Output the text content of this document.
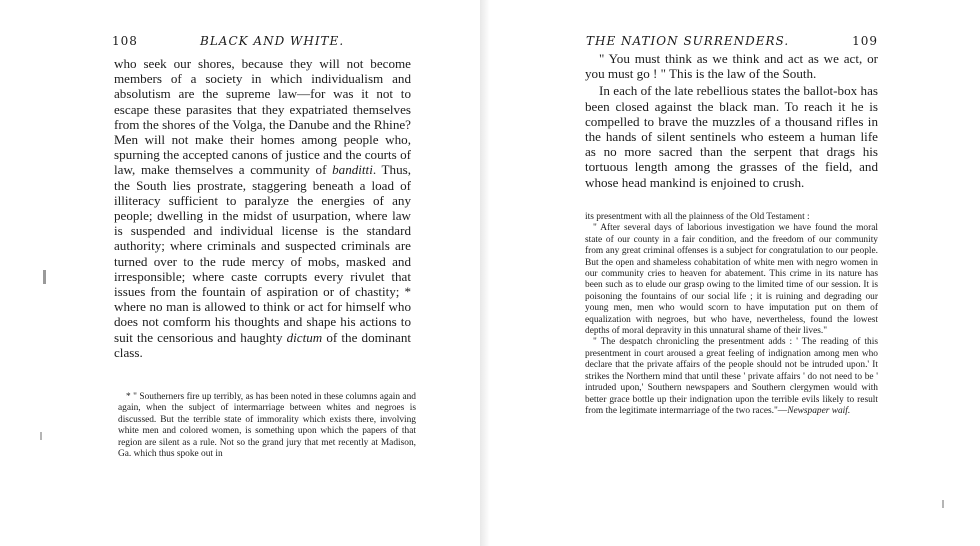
108	BLACK AND WHITE.

who seek our shores, because they will not become members of a society in which individualism and absolutism are the supreme law—for was it not to escape these parasites that they expatriated themselves from the shores of the Volga, the Danube and the Rhine? Men will not make their homes among people who, spurning the accepted canons of justice and the courts of law, make themselves a community of banditti. Thus, the South lies prostrate, staggering beneath a load of illiteracy sufficient to paralyze the energies of any people; dwelling in the midst of usurpation, where law is suspended and individual license is the standard authority; where criminals and suspected criminals are turned over to the rude mercy of mobs, masked and irresponsible; where caste corrupts every rivulet that issues from the fountain of aspiration or of chastity; * where no man is allowed to think or act for himself who does not comform his thoughts and shape his actions to suit the censorious and haughty dictum of the dominant class.

* " Southerners fire up terribly, as has been noted in these columns again and again, when the subject of intermarriage between whites and negroes is discussed. But the terrible state of immorality which exists there, involving white men and colored women, is something upon which the papers of that region are silent as a rule. Not so the grand jury that met recently at Madison, Ga. which thus spoke out in
THE NATION SURRENDERS.	109

" You must think as we think and act as we act, or you must go ! " This is the law of the South.

In each of the late rebellious states the ballot-box has been closed against the black man. To reach it he is compelled to brave the muzzles of a thousand rifles in the hands of silent sentinels who esteem a human life as no more sacred than the serpent that drags his tortuous length among the grasses of the field, and whose head mankind is enjoined to crush.

its presentment with all the plainness of the Old Testament :

" After several days of laborious investigation we have found the moral state of our county in a fair condition, and the freedom of our community from any great criminal offenses is a subject for congratulation to our people. But the open and shameless cohabitation of white men with negro women in our community cries to heaven for abatement. This crime in its nature has been such as to elude our grasp owing to the limited time of our session. It is poisoning the fountains of our social life ; it is ruining and degrading our young men, men who would scorn to have imputation put on them of equalization with negroes, but who have, nevertheless, found the lowest depths of moral depravity in this unnatural shame of their lives."

" The despatch chronicling the presentment adds : ' The reading of this presentment in court aroused a great feeling of indignation among men who declare that the private affairs of the people should not be intruded upon.' It strikes the Northern mind that until these ' private affairs ' do not need to be ' intruded upon,' Southern newspapers and Southern clergymen would with better grace bottle up their indignation upon the terrible evils likely to result from the legitimate intermarriage of the two races."—Newspaper waif.
